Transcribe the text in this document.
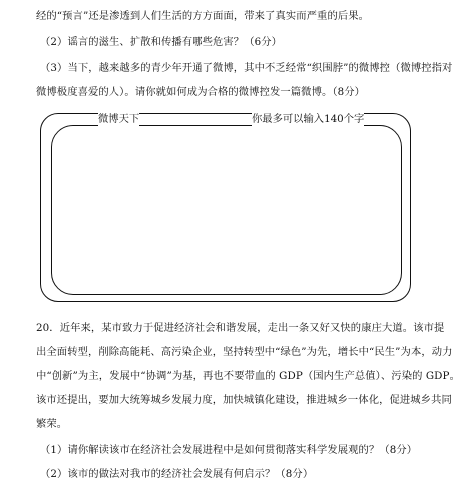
经的“预言”还是渗透到人们生活的方方面面，带来了真实而严重的后果。
（2）谣言的滋生、扩散和传播有哪些危害？（6分）
（3）当下，越来越多的青少年开通了微博，其中不乏经常“织围脖”的微博控（微博控指对
微博极度喜爱的人）。请你就如何成为合格的微博控发一篇微博。（8分）
微博天下	你最多可以输入140个字
20．近年来，某市致力于促进经济社会和谐发展，走出一条又好又快的康庄大道。该市提
出全面转型，削除高能耗、高污染企业，坚持转型中“绿色”为先，增长中“民生”为本，动力
中“创新”为主，发展中“协调”为基，再也不要带血的 GDP（国内生产总值）、污染的 GDP。
该市还提出，要加大统筹城乡发展力度，加快城镇化建设，推进城乡一体化，促进城乡共同
繁荣。
（1）请你解读该市在经济社会发展进程中是如何贯彻落实科学发展观的？（8分）
（2）该市的做法对我市的经济社会发展有何启示？（8分）
